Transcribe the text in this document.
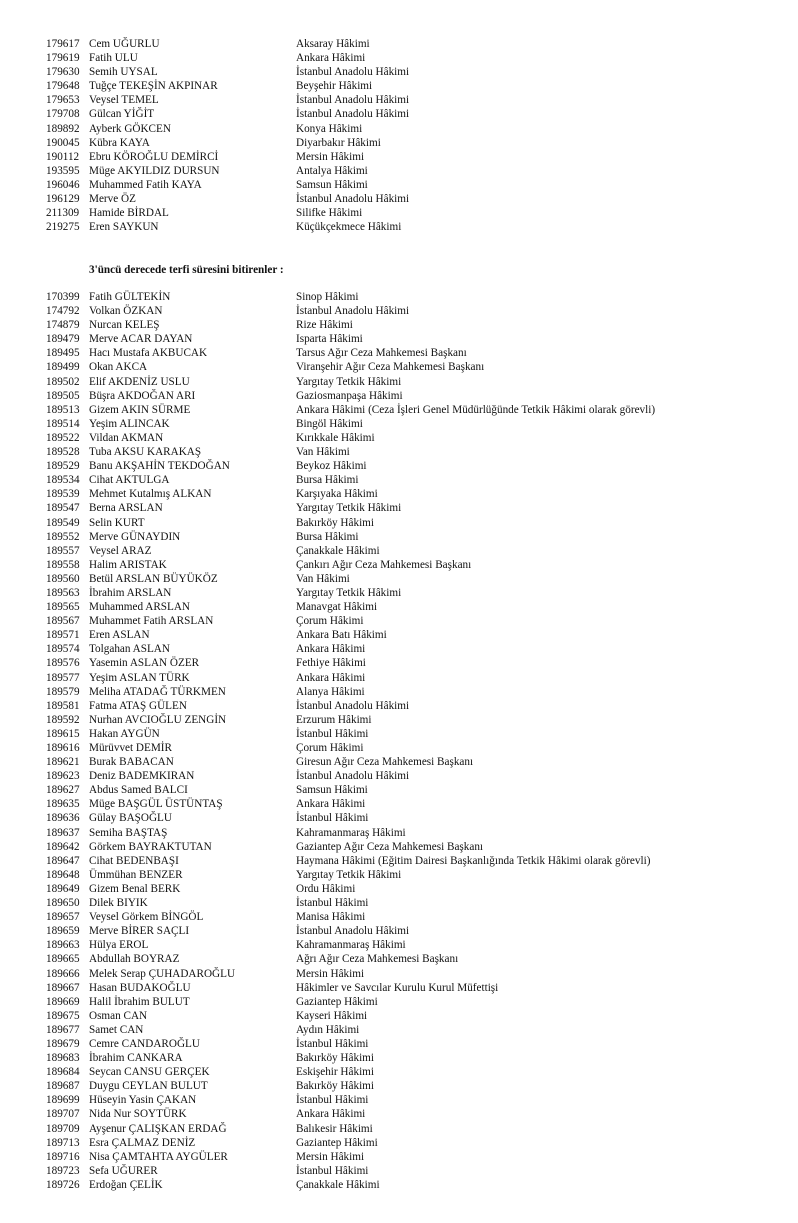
179617 Cem UĞURLU	Aksaray Hâkimi
179619 Fatih ULU	Ankara Hâkimi
179630 Semih UYSAL	İstanbul Anadolu Hâkimi
179648 Tuğçe TEKEŞİN AKPINAR	Beyşehir Hâkimi
179653 Veysel TEMEL	İstanbul Anadolu Hâkimi
179708 Gülcan YİĞİT	İstanbul Anadolu Hâkimi
189892 Ayberk GÖKCEN	Konya Hâkimi
190045 Kübra KAYA	Diyarbakır Hâkimi
190112 Ebru KÖROĞLU DEMİRCİ	Mersin Hâkimi
193595 Müge AKYILDIZ DURSUN	Antalya Hâkimi
196046 Muhammed Fatih KAYA	Samsun Hâkimi
196129 Merve ÖZ	İstanbul Anadolu Hâkimi
211309 Hamide BİRDAL	Silifke Hâkimi
219275 Eren SAYKUN	Küçükçekmece Hâkimi
3'üncü derecede terfi süresini bitirenler :
170399 Fatih GÜLTEKİN	Sinop Hâkimi
174792 Volkan ÖZKAN	İstanbul Anadolu Hâkimi
174879 Nurcan KELEŞ	Rize Hâkimi
189479 Merve ACAR DAYAN	Isparta Hâkimi
189495 Hacı Mustafa AKBUCAK	Tarsus Ağır Ceza Mahkemesi Başkanı
189499 Okan AKCA	Viranşehir Ağır Ceza Mahkemesi Başkanı
189502 Elif AKDENİZ USLU	Yargıtay Tetkik Hâkimi
189505 Büşra AKDOĞAN ARI	Gaziosmanpaşa Hâkimi
189513 Gizem AKIN SÜRME	Ankara Hâkimi (Ceza İşleri Genel Müdürlüğünde Tetkik Hâkimi olarak görevli)
189514 Yeşim ALINCAK	Bingöl Hâkimi
189522 Vildan AKMAN	Kırıkkale Hâkimi
189528 Tuba AKSU KARAKAŞ	Van Hâkimi
189529 Banu AKŞAHİN TEKDOĞAN	Beykoz Hâkimi
189534 Cihat AKTULGA	Bursa Hâkimi
189539 Mehmet Kutalmış ALKAN	Karşıyaka Hâkimi
189547 Berna ARSLAN	Yargıtay Tetkik Hâkimi
189549 Selin KURT	Bakırköy Hâkimi
189552 Merve GÜNAYDIN	Bursa Hâkimi
189557 Veysel ARAZ	Çanakkale Hâkimi
189558 Halim ARISTAK	Çankırı Ağır Ceza Mahkemesi Başkanı
189560 Betül ARSLAN BÜYÜKÖZ	Van Hâkimi
189563 İbrahim ARSLAN	Yargıtay Tetkik Hâkimi
189565 Muhammed ARSLAN	Manavgat Hâkimi
189567 Muhammet Fatih ARSLAN	Çorum Hâkimi
189571 Eren ASLAN	Ankara Batı Hâkimi
189574 Tolgahan ASLAN	Ankara Hâkimi
189576 Yasemin ASLAN ÖZER	Fethiye Hâkimi
189577 Yeşim ASLAN TÜRK	Ankara Hâkimi
189579 Meliha ATADAĞ TÜRKMEN	Alanya Hâkimi
189581 Fatma ATAŞ GÜLEN	İstanbul Anadolu Hâkimi
189592 Nurhan AVCIOĞLU ZENGİN	Erzurum Hâkimi
189615 Hakan AYGÜN	İstanbul Hâkimi
189616 Mürüvvet DEMİR	Çorum Hâkimi
189621 Burak BABACAN	Giresun Ağır Ceza Mahkemesi Başkanı
189623 Deniz BADEMKIRAN	İstanbul Anadolu Hâkimi
189627 Abdus Samed BALCI	Samsun Hâkimi
189635 Müge BAŞGÜL ÜSTÜNTAŞ	Ankara Hâkimi
189636 Gülay BAŞOĞLU	İstanbul Hâkimi
189637 Semiha BAŞTAŞ	Kahramanmaraş Hâkimi
189642 Görkem BAYRAKTUTAN	Gaziantep Ağır Ceza Mahkemesi Başkanı
189647 Cihat BEDENBAŞI	Haymana Hâkimi (Eğitim Dairesi Başkanlığında Tetkik Hâkimi olarak görevli)
189648 Ümmühan BENZER	Yargıtay Tetkik Hâkimi
189649 Gizem Benal BERK	Ordu Hâkimi
189650 Dilek BIYIK	İstanbul Hâkimi
189657 Veysel Görkem BİNGÖL	Manisa Hâkimi
189659 Merve BİRER SAÇLI	İstanbul Anadolu Hâkimi
189663 Hülya EROL	Kahramanmaraş Hâkimi
189665 Abdullah BOYRAZ	Ağrı Ağır Ceza Mahkemesi Başkanı
189666 Melek Serap ÇUHADAROĞLU	Mersin Hâkimi
189667 Hasan BUDAKOĞLU	Hâkimler ve Savcılar Kurulu Kurul Müfettişi
189669 Halil İbrahim BULUT	Gaziantep Hâkimi
189675 Osman CAN	Kayseri Hâkimi
189677 Samet CAN	Aydın Hâkimi
189679 Cemre CANDAROĞLU	İstanbul Hâkimi
189683 İbrahim CANKARA	Bakırköy Hâkimi
189684 Seycan CANSU GERÇEK	Eskişehir Hâkimi
189687 Duygu CEYLAN BULUT	Bakırköy Hâkimi
189699 Hüseyin Yasin ÇAKAN	İstanbul Hâkimi
189707 Nida Nur SOYTÜRK	Ankara Hâkimi
189709 Ayşenur ÇALIŞKAN ERDAĞ	Balıkesir Hâkimi
189713 Esra ÇALMAZ DENİZ	Gaziantep Hâkimi
189716 Nisa ÇAMTAHTA AYGÜLER	Mersin Hâkimi
189723 Sefa UĞURER	İstanbul Hâkimi
189726 Erdoğan ÇELİK	Çanakkale Hâkimi
